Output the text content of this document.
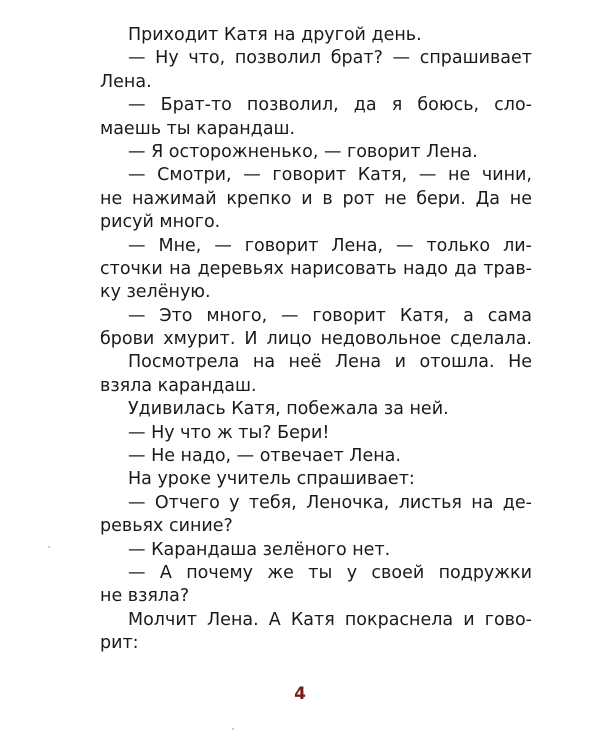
Приходит Катя на другой день.
— Ну что, позволил брат? — спрашивает
Лена.
— Брат-то позволил, да я боюсь, сло-
маешь ты карандаш.
— Я осторожненько, — говорит Лена.
— Смотри, — говорит Катя, — не чини,
не нажимай крепко и в рот не бери. Да не
рисуй много.
— Мне, — говорит Лена, — только ли-
сточки на деревьях нарисовать надо да трав-
ку зелёную.
— Это много, — говорит Катя, а сама
брови хмурит. И лицо недовольное сделала.
Посмотрела на неё Лена и отошла. Не
взяла карандаш.
Удивилась Катя, побежала за ней.
— Ну что ж ты? Бери!
— Не надо, — отвечает Лена.
На уроке учитель спрашивает:
— Отчего у тебя, Леночка, листья на де-
ревьях синие?
— Карандаша зелёного нет.
— А почему же ты у своей подружки
не взяла?
Молчит Лена. А Катя покраснела и гово-
рит:
4
